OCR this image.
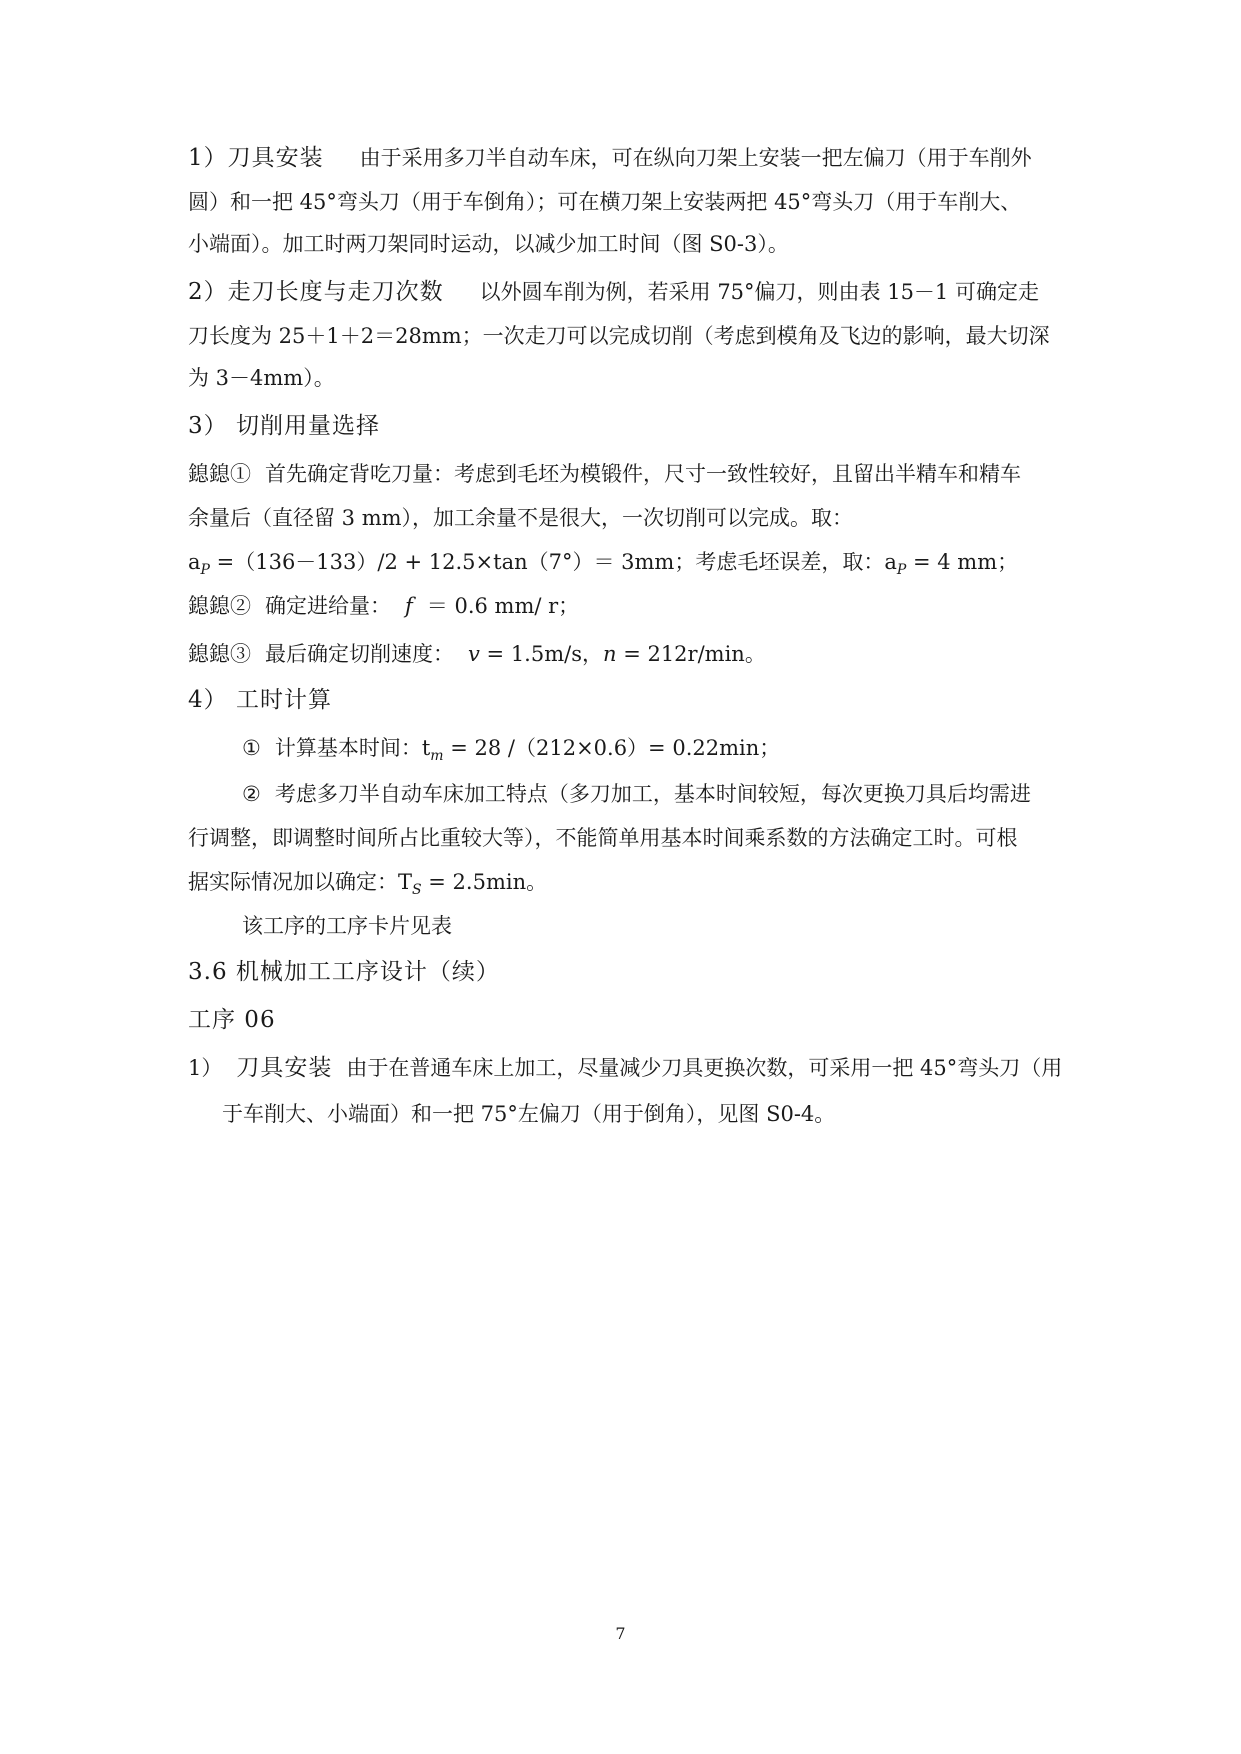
1）刀具安装 由于采用多刀半自动车床，可在纵向刀架上安装一把左偏刀（用于车削外
圆）和一把 45°弯头刀（用于车倒角）；可在横刀架上安装两把 45°弯头刀（用于车削大、
小端面）。加工时两刀架同时运动，以减少加工时间（图 S0-3）。
2）走刀长度与走刀次数 以外圆车削为例，若采用 75°偏刀，则由表 15－1 可确定走
刀长度为 25＋1＋2＝28mm；一次走刀可以完成切削（考虑到模角及飞边的影响，最大切深
为 3－4mm）。
3） 切削用量选择
鎴鎴① 首先确定背吃刀量：考虑到毛坯为模锻件，尺寸一致性较好，且留出半精车和精车
余量后（直径留 3 mm），加工余量不是很大，一次切削可以完成。取：
$a_P =(136-133)/2 + 12.5\times\tan(7^\circ)= 3mm$；考虑毛坯误差，取：$a_P = 4$ mm；
鎴鎴② 确定进给量： f ＝ 0.6 mm/ r；
鎴鎴③ 最后确定切削速度： v = 1.5m/s，n = 212r/min。
4） 工时计算
① 计算基本时间：$t_m = 28$ /（212×0.6）= 0.22min；
② 考虑多刀半自动车床加工特点（多刀加工，基本时间较短，每次更换刀具后均需进
行调整，即调整时间所占比重较大等），不能简单用基本时间乘系数的方法确定工时。可根
据实际情况加以确定：$T_S = 2.5\min$。
该工序的工序卡片见表
3.6 机械加工工序设计（续）
工序 06
1） 刀具安装 由于在普通车床上加工，尽量减少刀具更换次数，可采用一把 45°弯头刀（用
于车削大、小端面）和一把 75°左偏刀（用于倒角），见图 S0-4。
7
